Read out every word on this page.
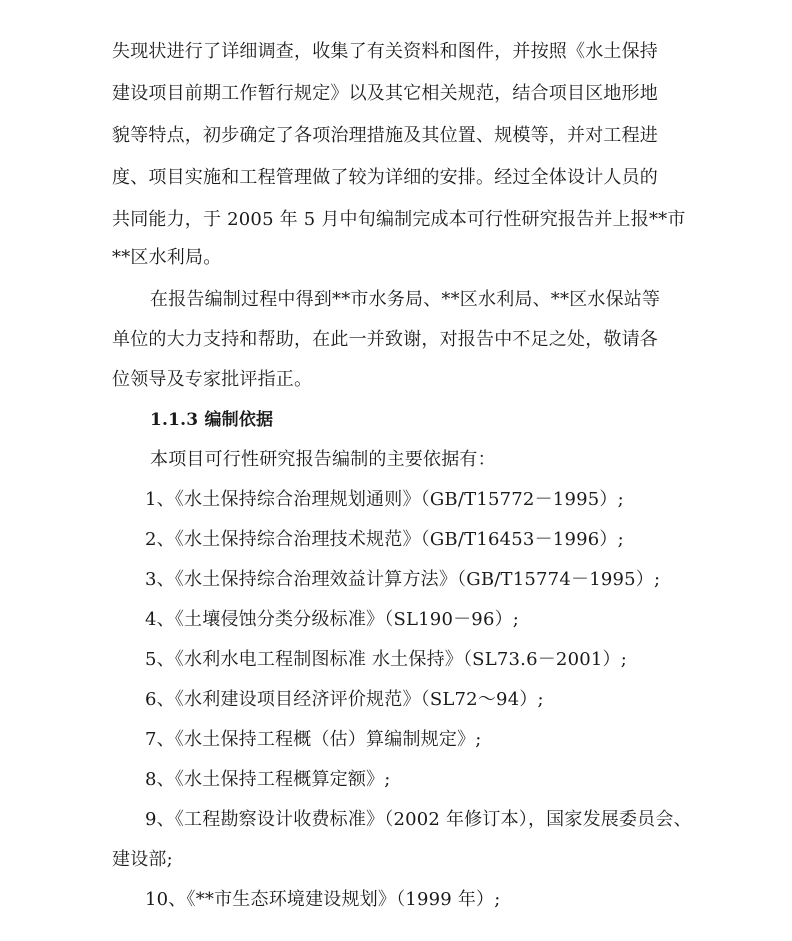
失现状进行了详细调查，收集了有关资料和图件，并按照《水土保持
建设项目前期工作暂行规定》以及其它相关规范，结合项目区地形地
貌等特点，初步确定了各项治理措施及其位置、规模等，并对工程进
度、项目实施和工程管理做了较为详细的安排。经过全体设计人员的
共同能力，于 2005 年 5 月中旬编制完成本可行性研究报告并上报**市
**区水利局。
在报告编制过程中得到**市水务局、**区水利局、**区水保站等
单位的大力支持和帮助，在此一并致谢，对报告中不足之处，敬请各
位领导及专家批评指正。
1.1.3 编制依据
本项目可行性研究报告编制的主要依据有：
1、《水土保持综合治理规划通则》（GB/T15772－1995）;
2、《水土保持综合治理技术规范》（GB/T16453－1996）;
3、《水土保持综合治理效益计算方法》（GB/T15774－1995）;
4、《土壤侵蚀分类分级标准》（SL190－96）;
5、《水利水电工程制图标准 水土保持》（SL73.6－2001）;
6、《水利建设项目经济评价规范》（SL72～94）;
7、《水土保持工程概（估）算编制规定》;
8、《水土保持工程概算定额》;
9、《工程勘察设计收费标准》（2002 年修订本），国家发展委员会、
建设部;
10、《**市生态环境建设规划》（1999 年）;
